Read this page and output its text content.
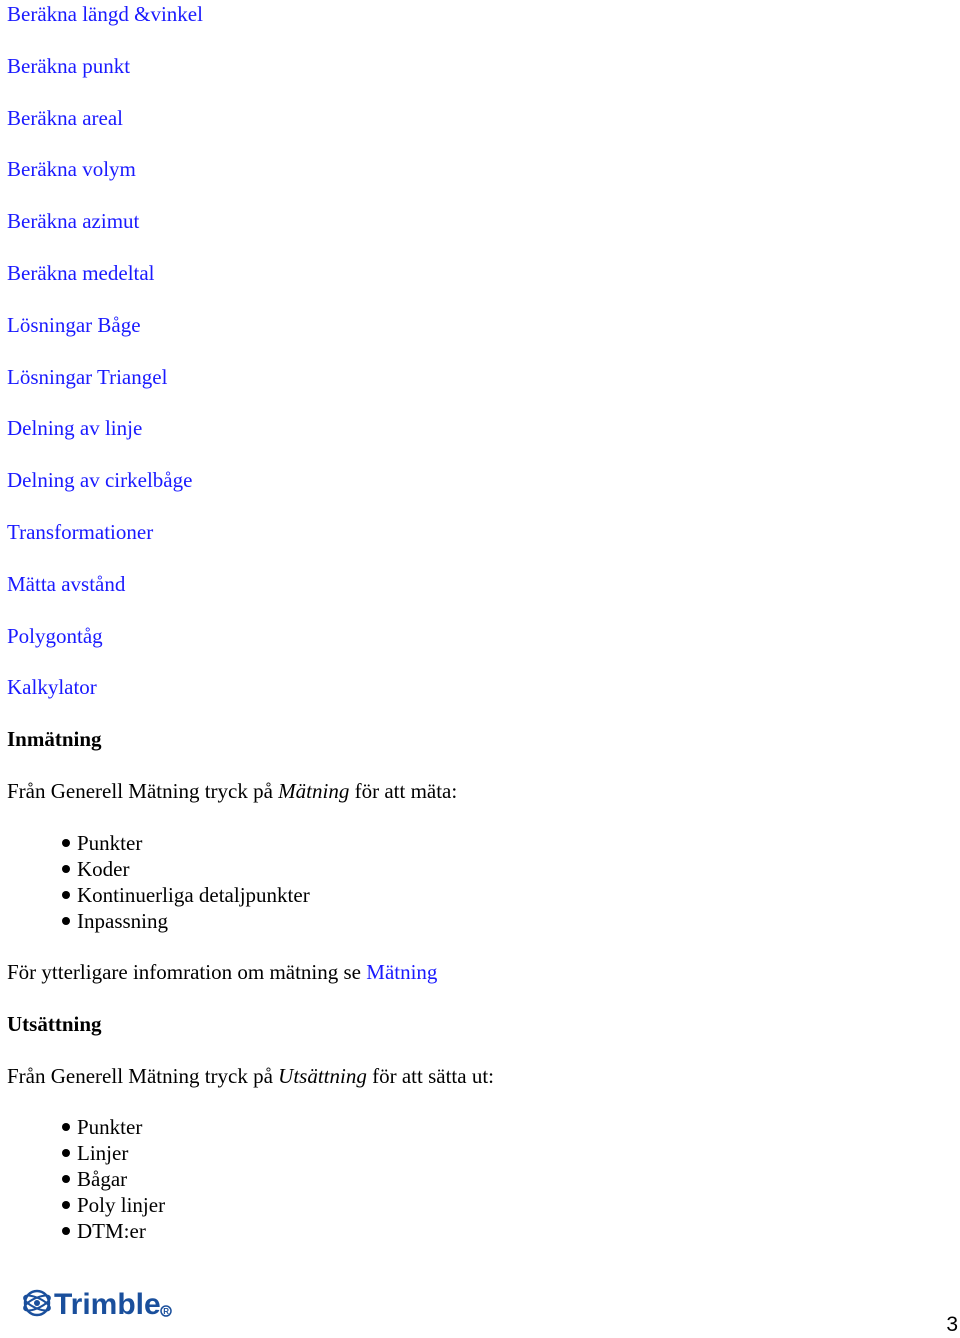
Beräkna längd &vinkel
Beräkna punkt
Beräkna areal
Beräkna volym
Beräkna azimut
Beräkna medeltal
Lösningar Båge
Lösningar Triangel
Delning av linje
Delning av cirkelbåge
Transformationer
Mätta avstånd
Polygontåg
Kalkylator
Inmätning
Från Generell Mätning tryck på Mätning för att mäta:
Punkter
Koder
Kontinuerliga detaljpunkter
Inpassning
För ytterligare infomration om mätning se Mätning
Utsättning
Från Generell Mätning tryck på Utsättning för att sätta ut:
Punkter
Linjer
Bågar
Poly linjer
DTM:er
Trimble R
3
